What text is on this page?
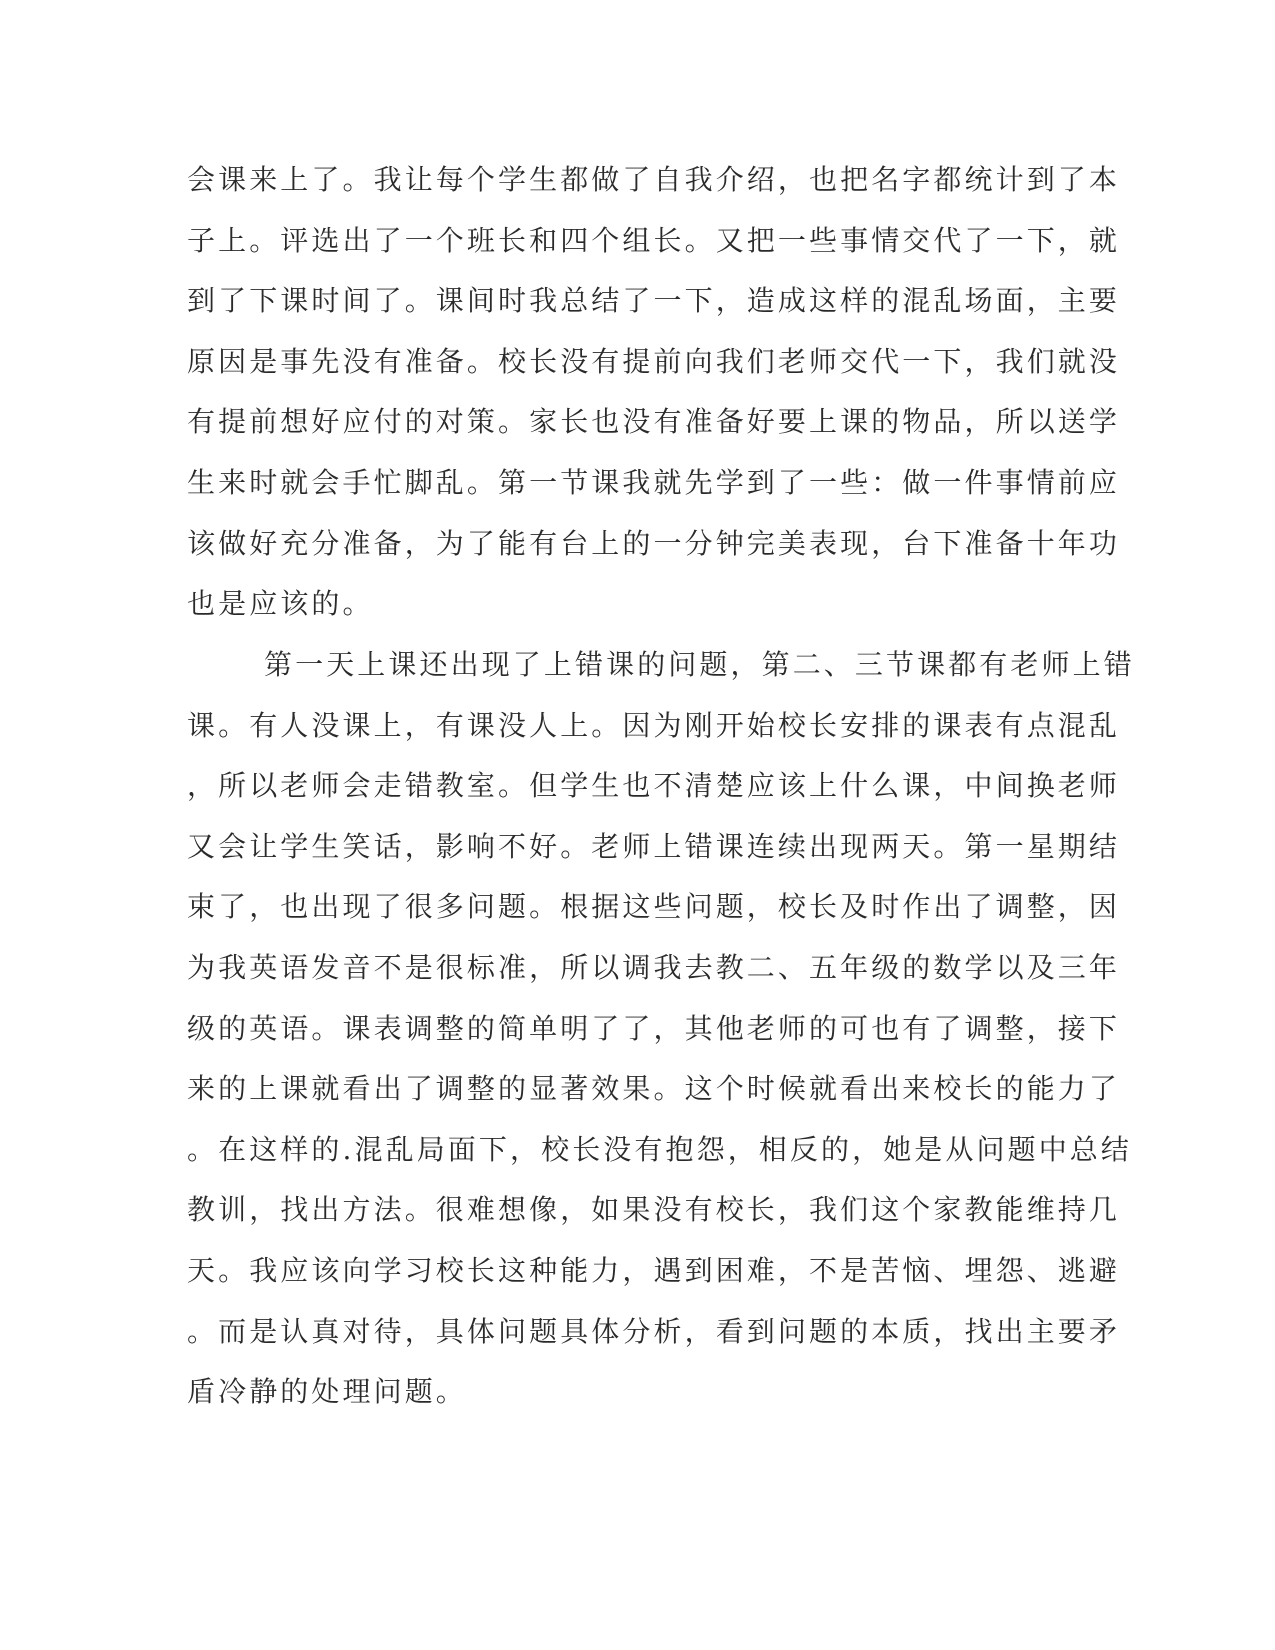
会课来上了。我让每个学生都做了自我介绍，也把名字都统计到了本
子上。评选出了一个班长和四个组长。又把一些事情交代了一下，就
到了下课时间了。课间时我总结了一下，造成这样的混乱场面，主要
原因是事先没有准备。校长没有提前向我们老师交代一下，我们就没
有提前想好应付的对策。家长也没有准备好要上课的物品，所以送学
生来时就会手忙脚乱。第一节课我就先学到了一些：做一件事情前应
该做好充分准备，为了能有台上的一分钟完美表现，台下准备十年功
也是应该的。
第一天上课还出现了上错课的问题，第二、三节课都有老师上错
课。有人没课上，有课没人上。因为刚开始校长安排的课表有点混乱
，所以老师会走错教室。但学生也不清楚应该上什么课，中间换老师
又会让学生笑话，影响不好。老师上错课连续出现两天。第一星期结
束了，也出现了很多问题。根据这些问题，校长及时作出了调整，因
为我英语发音不是很标准，所以调我去教二、五年级的数学以及三年
级的英语。课表调整的简单明了了，其他老师的可也有了调整，接下
来的上课就看出了调整的显著效果。这个时候就看出来校长的能力了
。在这样的.混乱局面下，校长没有抱怨，相反的，她是从问题中总结
教训，找出方法。很难想像，如果没有校长，我们这个家教能维持几
天。我应该向学习校长这种能力，遇到困难，不是苦恼、埋怨、逃避
。而是认真对待，具体问题具体分析，看到问题的本质，找出主要矛
盾冷静的处理问题。
